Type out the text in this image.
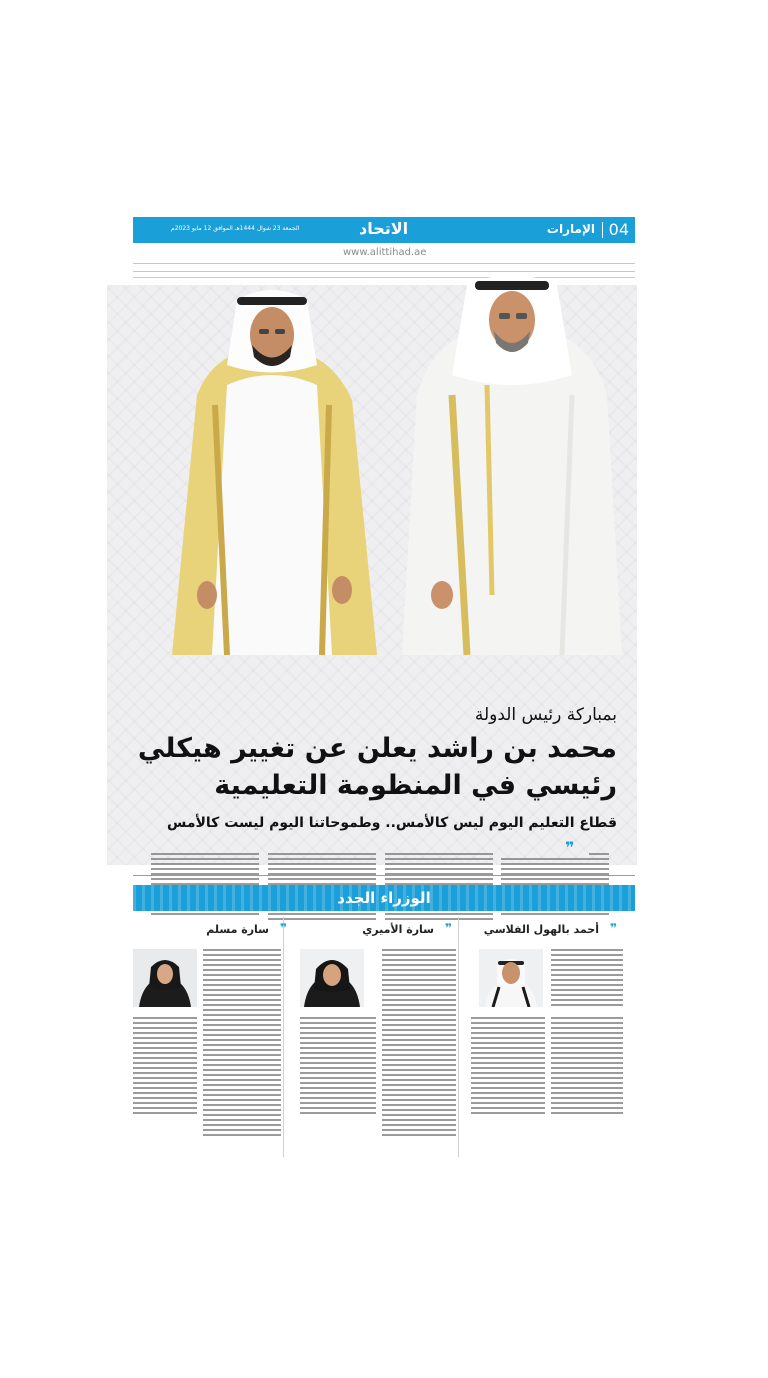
04
الإمارات
الاتحاد
الجمعة 23 شوال 1444هـ الموافق 12 مايو 2023م
www.alittihad.ae
بمباركة رئيس الدولة
محمد بن راشد يعلن عن تغيير هيكلي
رئيسي في المنظومة التعليمية
قطاع التعليم اليوم ليس كالأمس.. وطموحاتنا اليوم ليست كالأمس
❞
الوزراء الجدد
أحمد بالهول الفلاسي ❞
سارة الأميري ❞
سارة مسلم ❞
